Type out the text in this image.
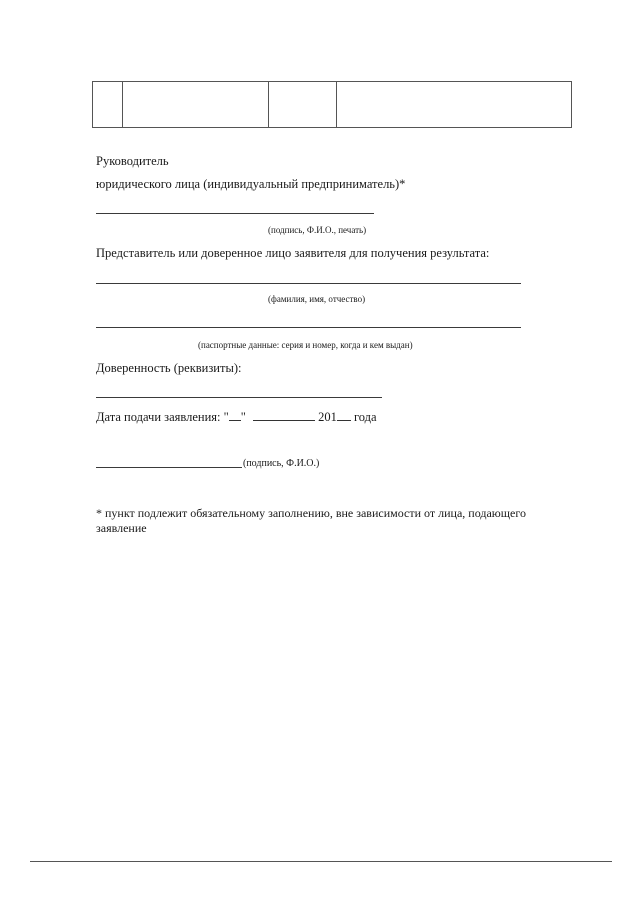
Руководитель
юридического лица (индивидуальный предприниматель)*
(подпись, Ф.И.О., печать)
Представитель или доверенное лицо заявителя для получения результата:
(фамилия, имя, отчество)
(паспортные данные: серия и номер, когда и кем выдан)
Доверенность (реквизиты):
Дата подачи заявления: " "	201 года
(подпись, Ф.И.О.)
* пункт подлежит обязательному заполнению, вне зависимости от лица, подающего заявление
